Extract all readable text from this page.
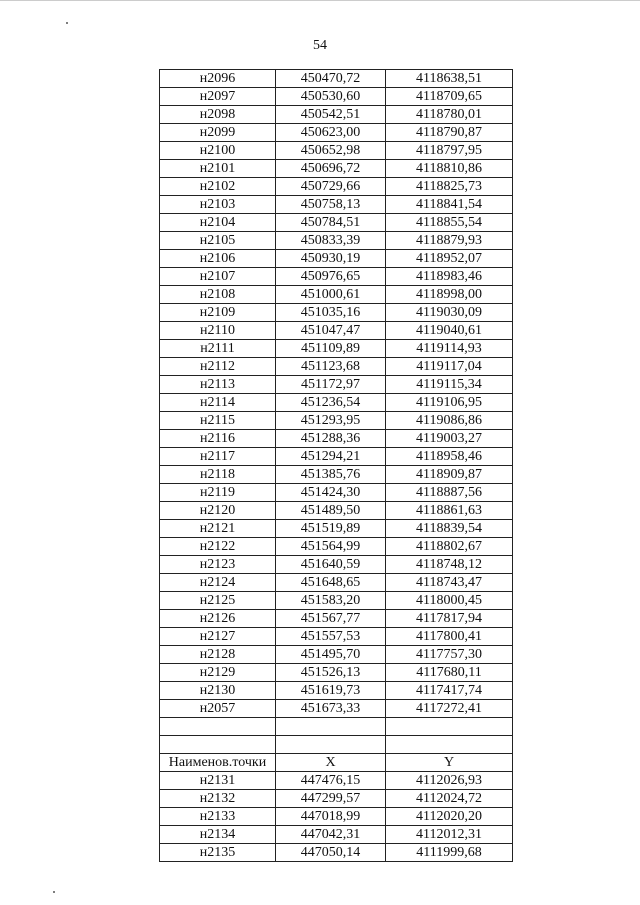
54
н2096	450470,72	4118638,51
н2097	450530,60	4118709,65
н2098	450542,51	4118780,01
н2099	450623,00	4118790,87
н2100	450652,98	4118797,95
н2101	450696,72	4118810,86
н2102	450729,66	4118825,73
н2103	450758,13	4118841,54
н2104	450784,51	4118855,54
н2105	450833,39	4118879,93
н2106	450930,19	4118952,07
н2107	450976,65	4118983,46
н2108	451000,61	4118998,00
н2109	451035,16	4119030,09
н2110	451047,47	4119040,61
н2111	451109,89	4119114,93
н2112	451123,68	4119117,04
н2113	451172,97	4119115,34
н2114	451236,54	4119106,95
н2115	451293,95	4119086,86
н2116	451288,36	4119003,27
н2117	451294,21	4118958,46
н2118	451385,76	4118909,87
н2119	451424,30	4118887,56
н2120	451489,50	4118861,63
н2121	451519,89	4118839,54
н2122	451564,99	4118802,67
н2123	451640,59	4118748,12
н2124	451648,65	4118743,47
н2125	451583,20	4118000,45
н2126	451567,77	4117817,94
н2127	451557,53	4117800,41
н2128	451495,70	4117757,30
н2129	451526,13	4117680,11
н2130	451619,73	4117417,74
н2057	451673,33	4117272,41

Наименов.точки	X	Y
н2131	447476,15	4112026,93
н2132	447299,57	4112024,72
н2133	447018,99	4112020,20
н2134	447042,31	4112012,31
н2135	447050,14	4111999,68
